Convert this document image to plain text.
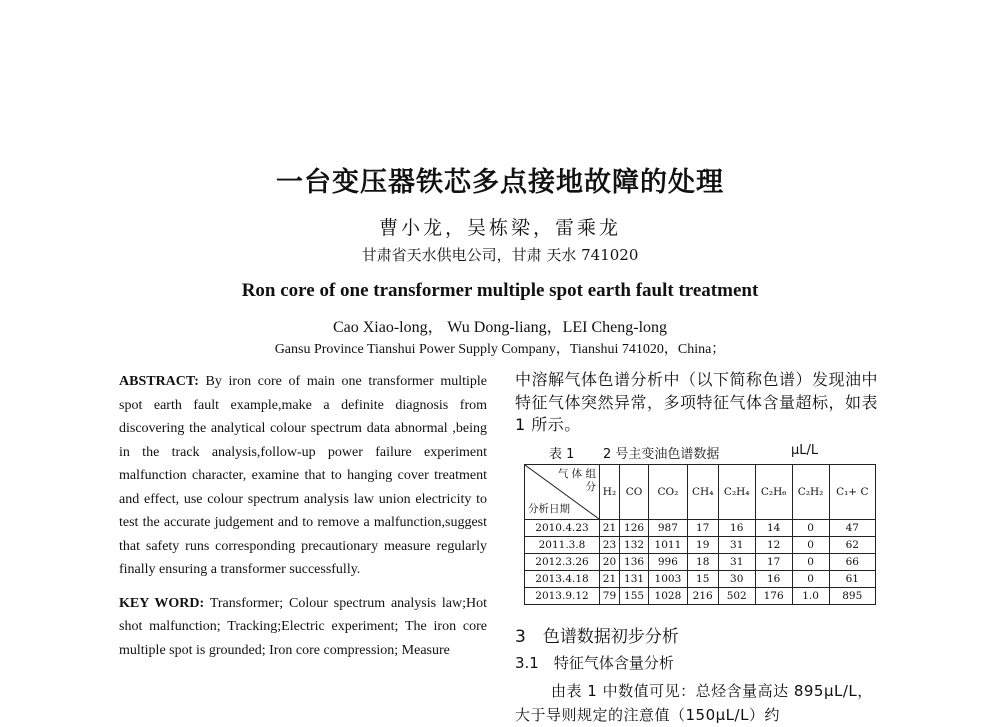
一台变压器铁芯多点接地故障的处理
曹小龙，吴栋梁，雷乘龙
甘肃省天水供电公司，甘肃 天水 741020
Ron core of one transformer multiple spot earth fault treatment
Cao Xiao-long， Wu Dong-liang，LEI Cheng-long
Gansu Province Tianshui Power Supply Company，Tianshui 741020，China；

ABSTRACT: By iron core of main one transformer multiple spot earth fault example,make a definite diagnosis from discovering the analytical colour spectrum data abnormal ,being in the track analysis,follow-up power failure experiment malfunction character, examine that to hanging cover treatment and effect, use colour spectrum analysis law union electricity to test the accurate judgement and to remove a malfunction,suggest that safety runs corresponding precautionary measure regularly finally ensuring a transformer successfully.

KEY WORD: Transformer; Colour spectrum analysis law;Hot shot malfunction; Tracking;Electric experiment; The iron core multiple spot is grounded; Iron core compression; Measure

中溶解气体色谱分析中（以下简称色谱）发现油中特征气体突然异常，多项特征气体含量超标，如表 1 所示。
表 1 2 号主变油色谱数据	μL/L
气 体 组
分
分析日期	H₂	CO	CO₂	CH₄	C₂H₄	C₂H₆	C₂H₂	C₁+ C
2010.4.23	21	126	987	17	16	14	0	47
2011.3.8	23	132	1011	19	31	12	0	62
2012.3.26	20	136	996	18	31	17	0	66
2013.4.18	21	131	1003	15	30	16	0	61
2013.9.12	79	155	1028	216	502	176	1.0	895
3　色谱数据初步分析
3.1　特征气体含量分析
由表 1 中数值可见：总烃含量高达 895μL/L，大于导则规定的注意值（150μL/L）约
